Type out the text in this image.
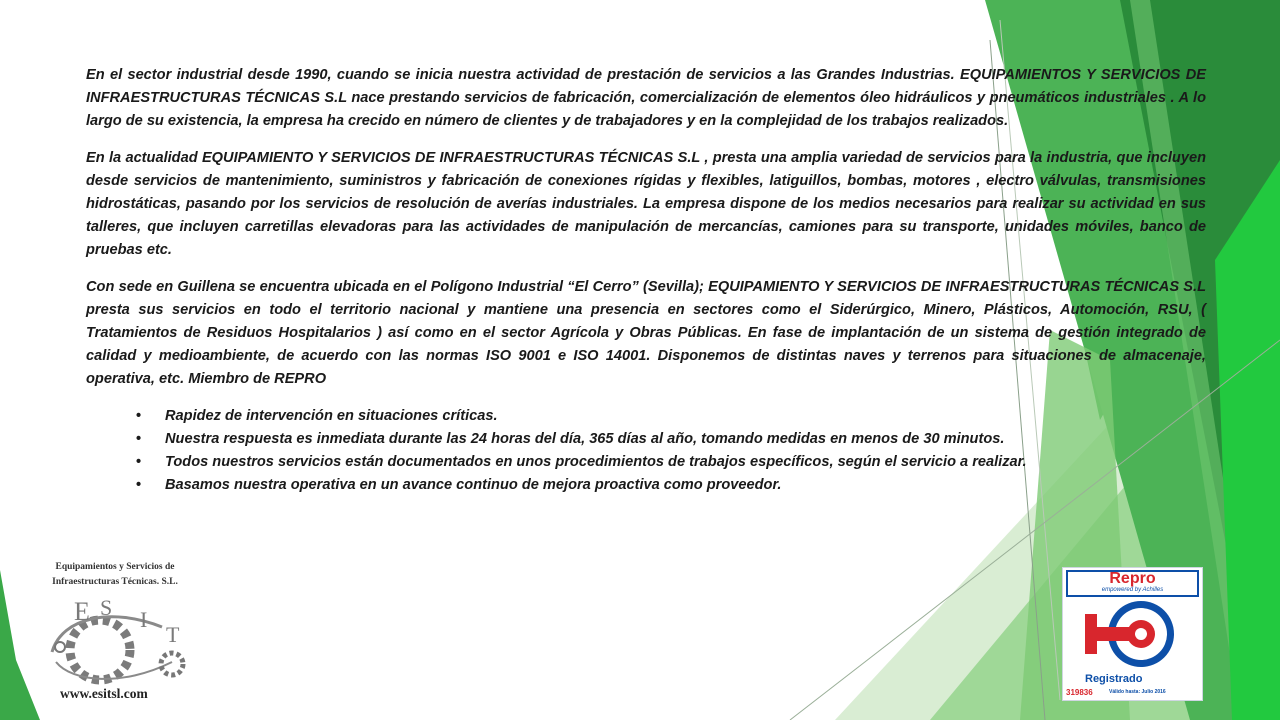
En el sector industrial desde 1990, cuando se inicia nuestra actividad de prestación de servicios a las Grandes Industrias. EQUIPAMIENTOS Y SERVICIOS DE INFRAESTRUCTURAS TÉCNICAS S.L nace prestando servicios de fabricación, comercialización de elementos óleo hidráulicos y pneumáticos industriales . A lo largo de su existencia, la empresa ha crecido en número de clientes y de trabajadores y en la complejidad de los trabajos realizados.

En la actualidad EQUIPAMIENTO Y SERVICIOS DE INFRAESTRUCTURAS TÉCNICAS S.L , presta una amplia variedad de servicios para la industria, que incluyen desde servicios de mantenimiento, suministros y fabricación de conexiones rígidas y flexibles, latiguillos, bombas, motores , electro válvulas, transmisiones hidrostáticas, pasando por los servicios de resolución de averías industriales. La empresa dispone de los medios necesarios para realizar su actividad en sus talleres, que incluyen carretillas elevadoras para las actividades de manipulación de mercancías, camiones para su transporte, unidades móviles, banco de pruebas etc.

Con sede en Guillena se encuentra ubicada en el Polígono Industrial “El Cerro” (Sevilla); EQUIPAMIENTO Y SERVICIOS DE INFRAESTRUCTURAS TÉCNICAS S.L presta sus servicios en todo el territorio nacional y mantiene una presencia en sectores como el Siderúrgico, Minero, Plásticos, Automoción, RSU, ( Tratamientos de Residuos Hospitalarios ) así como en el sector Agrícola y Obras Públicas. En fase de implantación de un sistema de gestión integrado de calidad y medioambiente, de acuerdo con las normas ISO 9001 e ISO 14001. Disponemos de distintas naves y terrenos para situaciones de almacenaje, operativa, etc. Miembro de REPRO

• Rapidez de intervención en situaciones críticas.
• Nuestra respuesta es inmediata durante las 24 horas del día, 365 días al año, tomando medidas en menos de 30 minutos.
• Todos nuestros servicios están documentados en unos procedimientos de trabajos específicos, según el servicio a realizar.
• Basamos nuestra operativa en un avance continuo de mejora proactiva como proveedor.
Equipamientos y Servicios de
Infraestructuras Técnicas. S.L.
E S I
T
www.esitsl.com
Repro
empowered by Achilles
Registrado
319836	Válido hasta: Julio 2016
